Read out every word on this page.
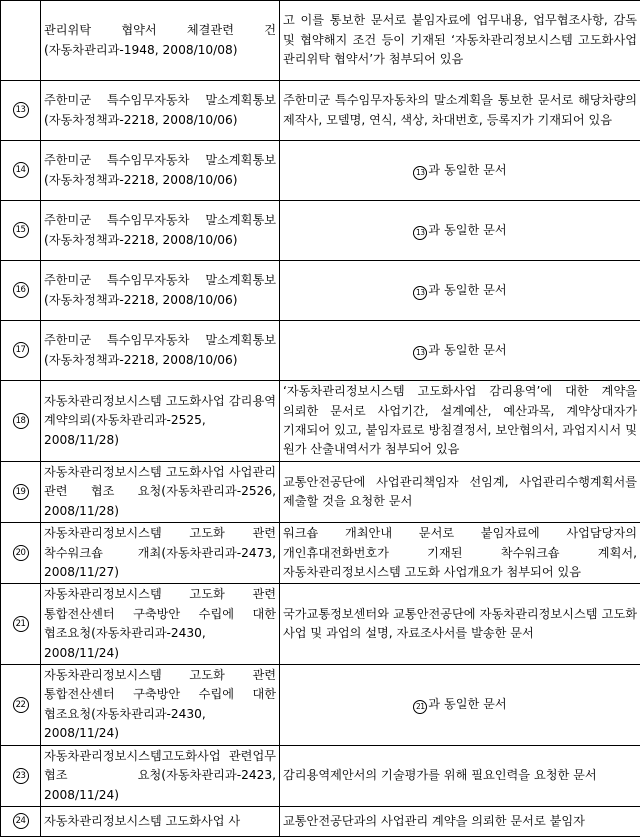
	관리위탁 협약서 체결관련 건(자동차관리과-1948, 2008/10/08)	고 이를 통보한 문서로 붙임자료에 업무내용, 업무협조사항, 감독 및 협약해지 조건 등이 기재된 ‘자동차관리정보시스템 고도화사업 관리위탁 협약서’가 첨부되어 있음
13	주한미군 특수임무자동차 말소계획통보(자동차정책과-2218, 2008/10/06)	주한미군 특수임무자동차의 말소계획을 통보한 문서로 해당차량의 제작사, 모델명, 연식, 색상, 차대번호, 등록지가 기재되어 있음
14	주한미군 특수임무자동차 말소계획통보(자동차정책과-2218, 2008/10/06)	13 과 동일한 문서
15	주한미군 특수임무자동차 말소계획통보(자동차정책과-2218, 2008/10/06)	13 과 동일한 문서
16	주한미군 특수임무자동차 말소계획통보(자동차정책과-2218, 2008/10/06)	13 과 동일한 문서
17	주한미군 특수임무자동차 말소계획통보(자동차정책과-2218, 2008/10/06)	13 과 동일한 문서
18	자동차관리정보시스템 고도화사업 감리용역 계약의뢰(자동차관리과-2525, 2008/11/28)	‘자동차관리정보시스템 고도화사업 감리용역’에 대한 계약을 의뢰한 문서로 사업기간, 설계예산, 예산과목, 계약상대자가 기재되어 있고, 붙임자료로 방침결정서, 보안협의서, 과업지시서 및 원가 산출내역서가 첨부되어 있음
19	자동차관리정보시스템 고도화사업 사업관리 관련 협조 요청(자동차관리과-2526, 2008/11/28)	교통안전공단에 사업관리책임자 선임계, 사업관리수행계획서를 제출할 것을 요청한 문서
20	자동차관리정보시스템 고도화 관련 착수워크숍 개최(자동차관리과-2473, 2008/11/27)	워크숍 개최안내 문서로 붙임자료에 사업담당자의 개인휴대전화번호가 기재된 착수워크숍 계획서, 자동차관리정보시스템 고도화 사업개요가 첨부되어 있음
21	자동차관리정보시스템 고도화 관련 통합전산센터 구축방안 수립에 대한 협조요청(자동차관리과-2430, 2008/11/24)	국가교통정보센터와 교통안전공단에 자동차관리정보시스템 고도화 사업 및 과업의 설명, 자료조사서를 발송한 문서
22	자동차관리정보시스템 고도화 관련 통합전산센터 구축방안 수립에 대한 협조요청(자동차관리과-2430, 2008/11/24)	21 과 동일한 문서
23	자동차관리정보시스템고도화사업 관련업무 협조 요청(자동차관리과-2423, 2008/11/24)	감리용역제안서의 기술평가를 위해 필요인력을 요청한 문서
24	자동차관리정보시스템 고도화사업 사	교통안전공단과의 사업관리 계약을 의뢰한 문서로 붙임자
